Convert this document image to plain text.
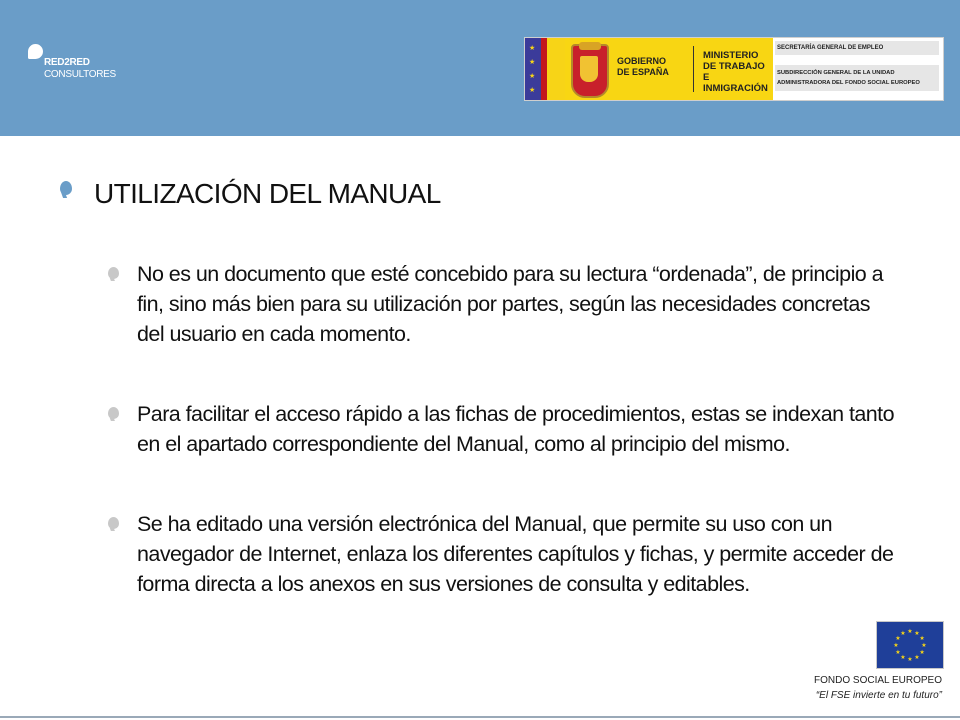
RED2RED
CONSULTORES
★
★
★
★
GOBIERNO
DE ESPAÑA
MINISTERIO
DE TRABAJO
E INMIGRACIÓN
SECRETARÍA GENERAL DE EMPLEO
SUBDIRECCIÓN GENERAL DE LA UNIDAD
ADMINISTRADORA DEL FONDO SOCIAL EUROPEO
UTILIZACIÓN DEL MANUAL
No es un documento que esté concebido para su lectura “ordenada”, de principio a fin, sino más bien para su utilización por partes, según las necesidades concretas del usuario en cada momento.
Para facilitar el acceso rápido a las fichas de procedimientos, estas se indexan tanto en el apartado correspondiente del Manual, como al principio del mismo.
Se ha editado una versión electrónica del Manual, que permite su uso con un navegador de Internet, enlaza los diferentes capítulos y fichas, y permite acceder de forma directa a los anexos en sus versiones de consulta y editables.
★ ★
★
★
★
★
★
★
★
★
★
★
FONDO SOCIAL EUROPEO
“El FSE invierte en tu futuro”
